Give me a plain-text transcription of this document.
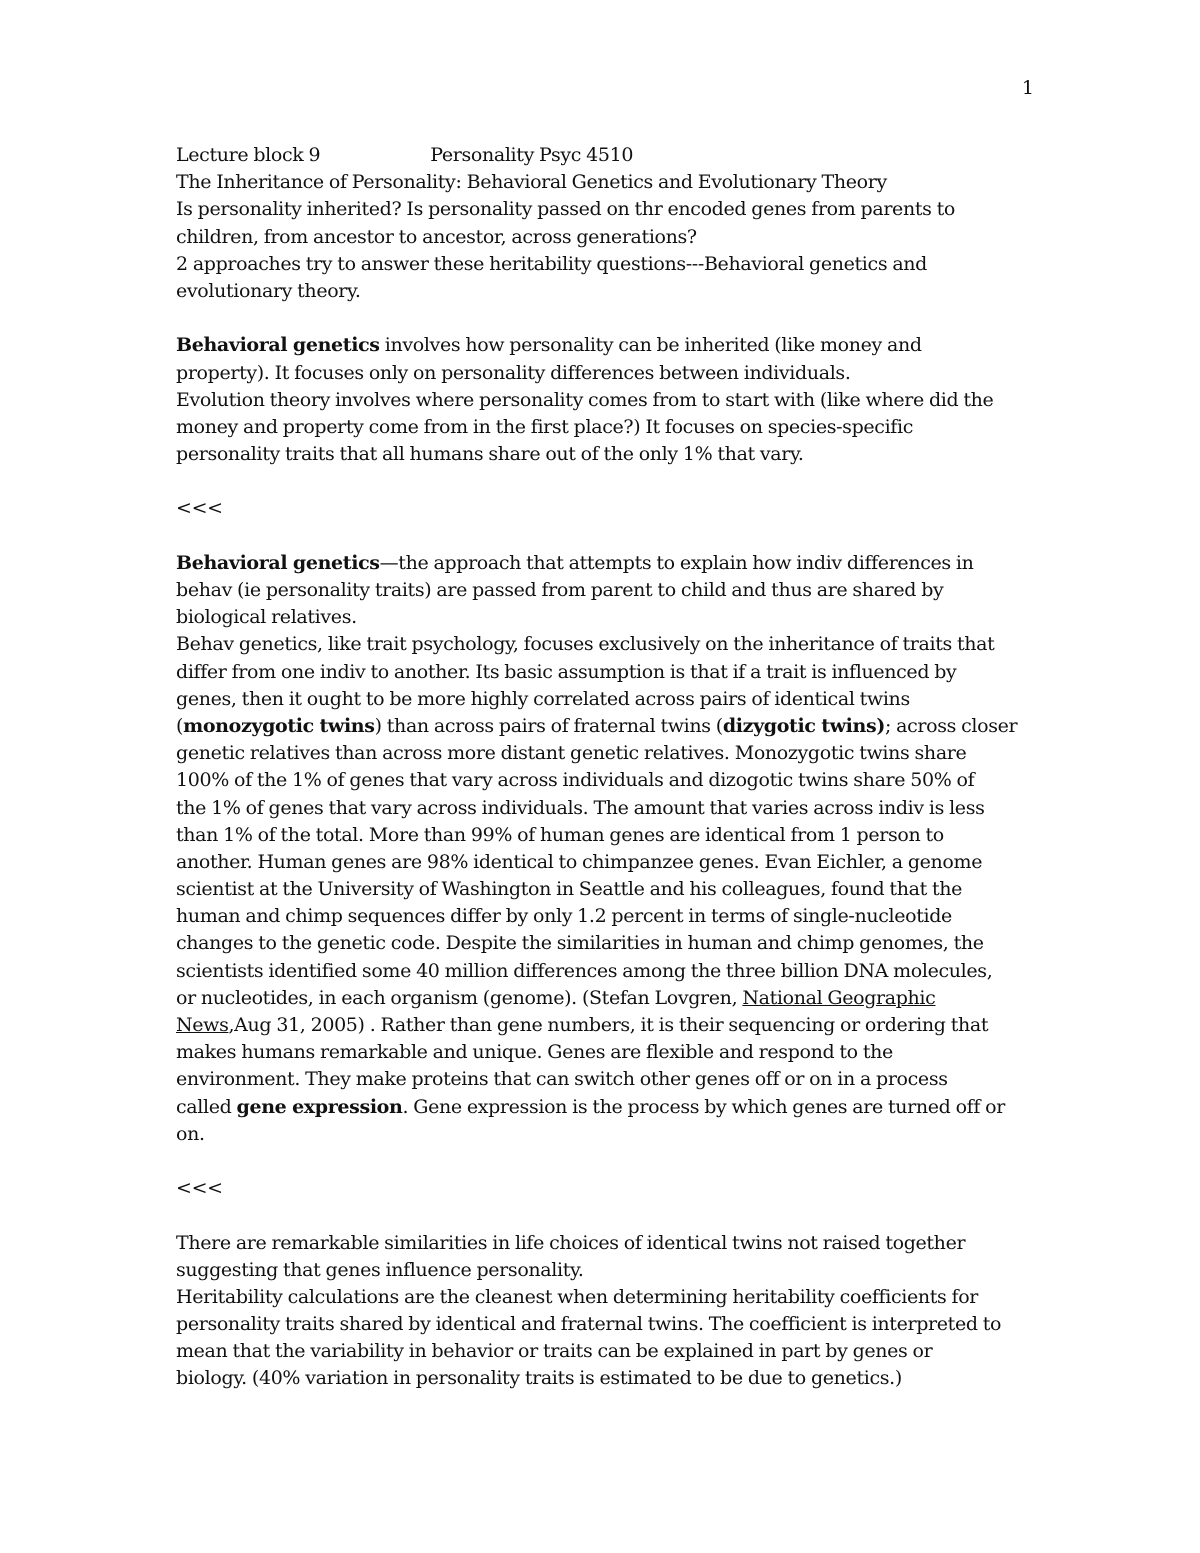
1
Lecture block 9	Personality Psyc 4510
The Inheritance of Personality: Behavioral Genetics and Evolutionary Theory
Is personality inherited? Is personality passed on thr encoded genes from parents to
children, from ancestor to ancestor, across generations?
2 approaches try to answer these heritability questions---Behavioral genetics and
evolutionary theory.
Behavioral genetics involves how personality can be inherited (like money and
property). It focuses only on personality differences between individuals.
Evolution theory involves where personality comes from to start with (like where did the
money and property come from in the first place?) It focuses on species-specific
personality traits that all humans share out of the only 1% that vary.
<<<
Behavioral genetics—the approach that attempts to explain how indiv differences in
behav (ie personality traits) are passed from parent to child and thus are shared by
biological relatives.
Behav genetics, like trait psychology, focuses exclusively on the inheritance of traits that
differ from one indiv to another. Its basic assumption is that if a trait is influenced by
genes, then it ought to be more highly correlated across pairs of identical twins
(monozygotic twins) than across pairs of fraternal twins (dizygotic twins); across closer
genetic relatives than across more distant genetic relatives. Monozygotic twins share
100% of the 1% of genes that vary across individuals and dizogotic twins share 50% of
the 1% of genes that vary across individuals. The amount that varies across indiv is less
than 1% of the total. More than 99% of human genes are identical from 1 person to
another. Human genes are 98% identical to chimpanzee genes. Evan Eichler, a genome
scientist at the University of Washington in Seattle and his colleagues, found that the
human and chimp sequences differ by only 1.2 percent in terms of single-nucleotide
changes to the genetic code. Despite the similarities in human and chimp genomes, the
scientists identified some 40 million differences among the three billion DNA molecules,
or nucleotides, in each organism (genome). (Stefan Lovgren, National Geographic
News,Aug 31, 2005) . Rather than gene numbers, it is their sequencing or ordering that
makes humans remarkable and unique. Genes are flexible and respond to the
environment. They make proteins that can switch other genes off or on in a process
called gene expression. Gene expression is the process by which genes are turned off or
on.
<<<
There are remarkable similarities in life choices of identical twins not raised together
suggesting that genes influence personality.
Heritability calculations are the cleanest when determining heritability coefficients for
personality traits shared by identical and fraternal twins. The coefficient is interpreted to
mean that the variability in behavior or traits can be explained in part by genes or
biology. (40% variation in personality traits is estimated to be due to genetics.)
